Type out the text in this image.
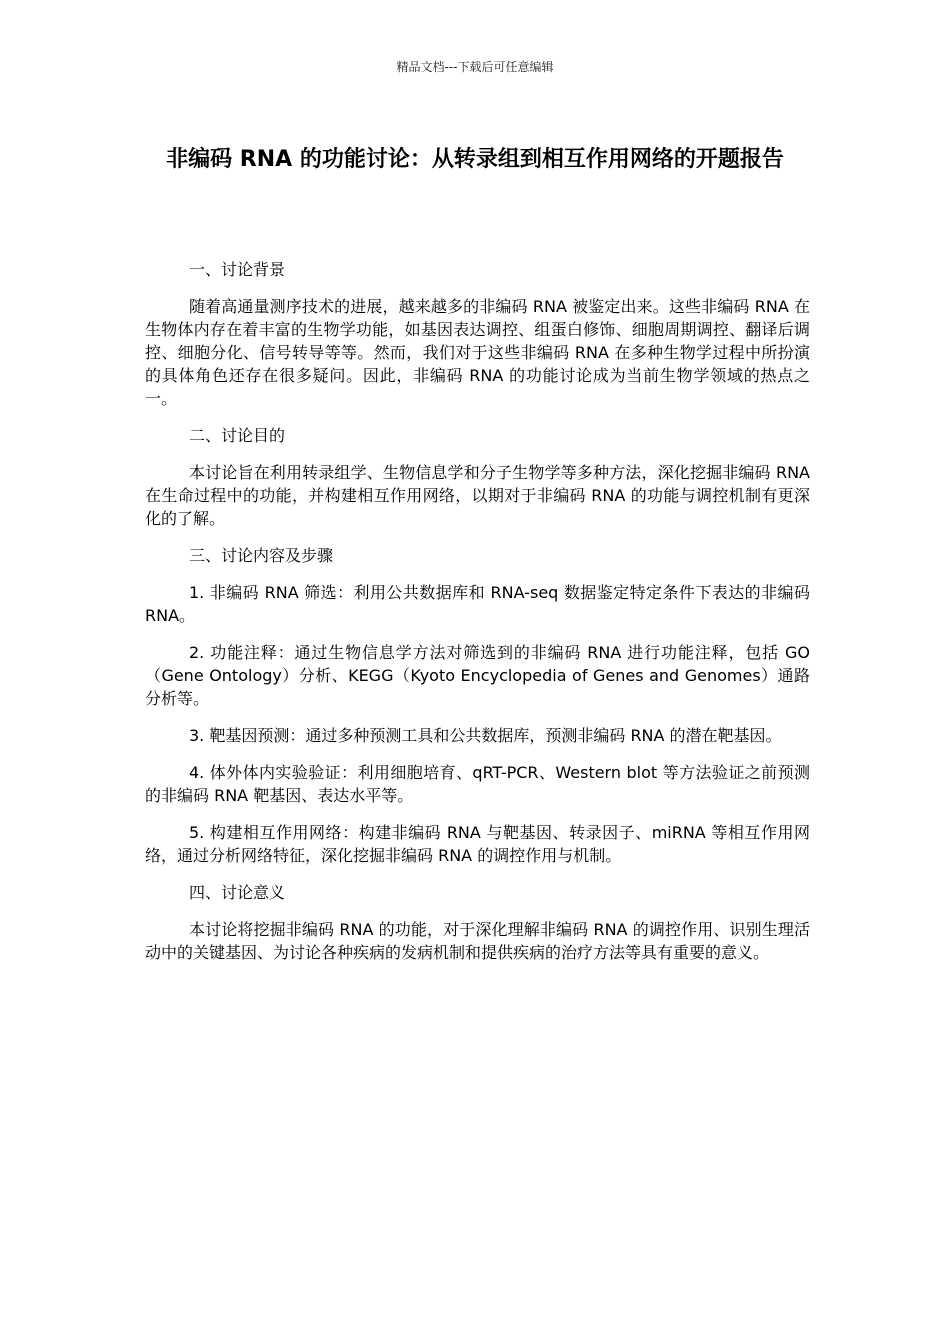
精品文档---下载后可任意编辑
非编码 RNA 的功能讨论：从转录组到相互作用网络的开题报告

一、讨论背景

随着高通量测序技术的进展，越来越多的非编码 RNA 被鉴定出来。这些非编码 RNA 在生物体内存在着丰富的生物学功能，如基因表达调控、组蛋白修饰、细胞周期调控、翻译后调控、细胞分化、信号转导等等。然而，我们对于这些非编码 RNA 在多种生物学过程中所扮演的具体角色还存在很多疑问。因此，非编码 RNA 的功能讨论成为当前生物学领域的热点之一。

二、讨论目的

本讨论旨在利用转录组学、生物信息学和分子生物学等多种方法，深化挖掘非编码 RNA 在生命过程中的功能，并构建相互作用网络，以期对于非编码 RNA 的功能与调控机制有更深化的了解。

三、讨论内容及步骤

1. 非编码 RNA 筛选：利用公共数据库和 RNA-seq 数据鉴定特定条件下表达的非编码 RNA。

2. 功能注释：通过生物信息学方法对筛选到的非编码 RNA 进行功能注释，包括 GO（Gene Ontology）分析、KEGG（Kyoto Encyclopedia of Genes and Genomes）通路分析等。

3. 靶基因预测：通过多种预测工具和公共数据库，预测非编码 RNA 的潜在靶基因。

4. 体外体内实验验证：利用细胞培育、qRT-PCR、Western blot 等方法验证之前预测的非编码 RNA 靶基因、表达水平等。

5. 构建相互作用网络：构建非编码 RNA 与靶基因、转录因子、miRNA 等相互作用网络，通过分析网络特征，深化挖掘非编码 RNA 的调控作用与机制。

四、讨论意义

本讨论将挖掘非编码 RNA 的功能，对于深化理解非编码 RNA 的调控作用、识别生理活动中的关键基因、为讨论各种疾病的发病机制和提供疾病的治疗方法等具有重要的意义。
